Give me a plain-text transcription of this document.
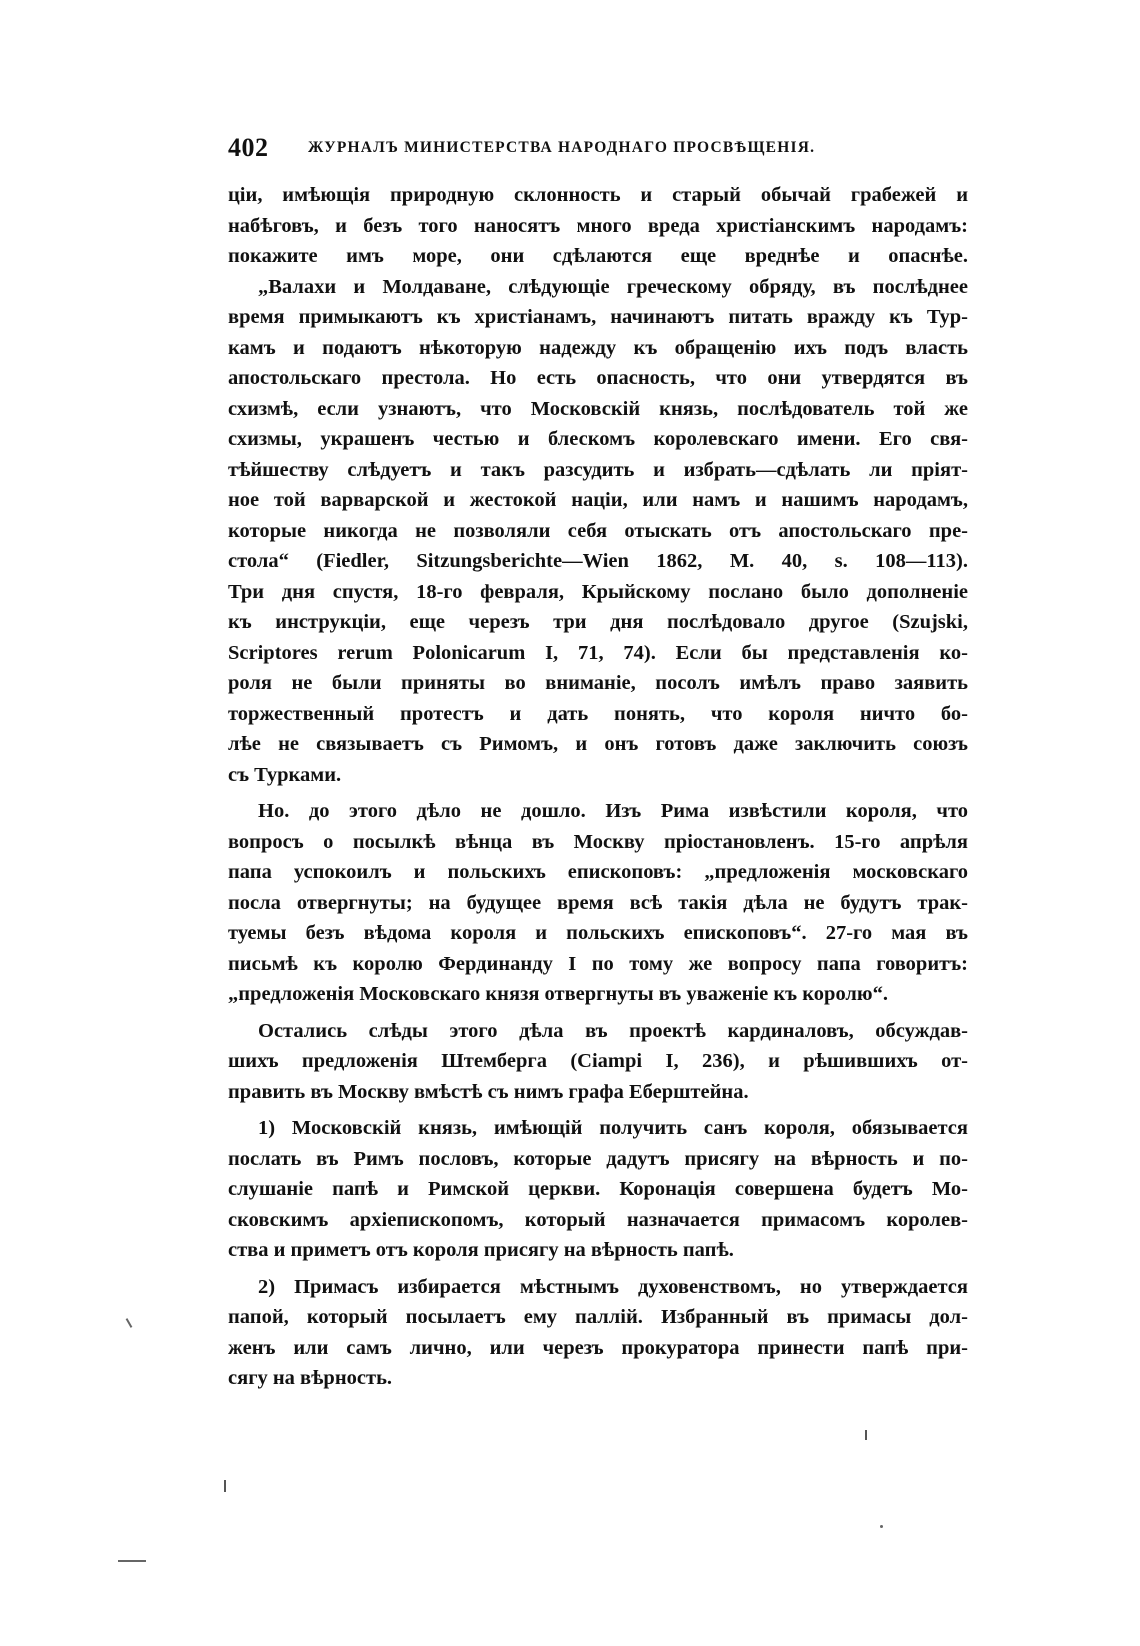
402	ЖУРНАЛЪ МИНИСТЕРСТВА НАРОДНАГО ПРОСВѢЩЕНІЯ.
ціи, имѣющія природную склонность и старый обычай грабежей и
набѣговъ, и безъ того наносятъ много вреда христіанскимъ народамъ:
покажите имъ море, они сдѣлаются еще вреднѣе и опаснѣе.
„Валахи и Молдаване, слѣдующіе греческому обряду, въ послѣднее
время примыкаютъ къ христіанамъ, начинаютъ питать вражду къ Тур-
камъ и подаютъ нѣкоторую надежду къ обращенію ихъ подъ власть
апостольскаго престола. Но есть опасность, что они утвердятся въ
схизмѣ, если узнаютъ, что Московскій князь, послѣдователь той же
схизмы, украшенъ честью и блескомъ королевскаго имени. Его свя-
тѣйшеству слѣдуетъ и такъ разсудить и избрать—сдѣлать ли пріят-
ное той варварской и жестокой націи, или намъ и нашимъ народамъ,
которые никогда не позволяли себя отыскать отъ апостольскаго пре-
стола“ (Fiedler, Sitzungsberichte—Wien 1862, M. 40, s. 108—113).
Три дня спустя, 18-го февраля, Крыйскому послано было дополненіе
къ инструкціи, еще черезъ три дня послѣдовало другое (Szujski,
Scriptores rerum Polonicarum I, 71, 74). Если бы представленія ко-
роля не были приняты во вниманіе, посолъ имѣлъ право заявить
торжественный протестъ и дать понять, что короля ничто бо-
лѣе не связываетъ съ Римомъ, и онъ готовъ даже заключить союзъ
съ Турками.
Но. до этого дѣло не дошло. Изъ Рима извѣстили короля, что
вопросъ о посылкѣ вѣнца въ Москву пріостановленъ. 15-го апрѣля
папа успокоилъ и польскихъ епископовъ: „предложенія московскаго
посла отвергнуты; на будущее время всѣ такія дѣла не будутъ трак-
туемы безъ вѣдома короля и польскихъ епископовъ“. 27-го мая въ
письмѣ къ королю Фердинанду I по тому же вопросу папа говоритъ:
„предложенія Московскаго князя отвергнуты въ уваженіе къ королю“.
Остались слѣды этого дѣла въ проектѣ кардиналовъ, обсуждав-
шихъ предложенія Штемберга (Ciampi I, 236), и рѣшившихъ от-
править въ Москву вмѣстѣ съ нимъ графа Еберштейна.
1) Московскій князь, имѣющій получить санъ короля, обязывается
послать въ Римъ пословъ, которые дадутъ присягу на вѣрность и по-
слушаніе папѣ и Римской церкви. Коронація совершена будетъ Мо-
сковскимъ архіепископомъ, который назначается примасомъ королев-
ства и приметъ отъ короля присягу на вѣрность папѣ.
2) Примасъ избирается мѣстнымъ духовенствомъ, но утверждается
папой, который посылаетъ ему паллій. Избранный въ примасы дол-
женъ или самъ лично, или черезъ прокуратора принести папѣ при-
сягу на вѣрность.
